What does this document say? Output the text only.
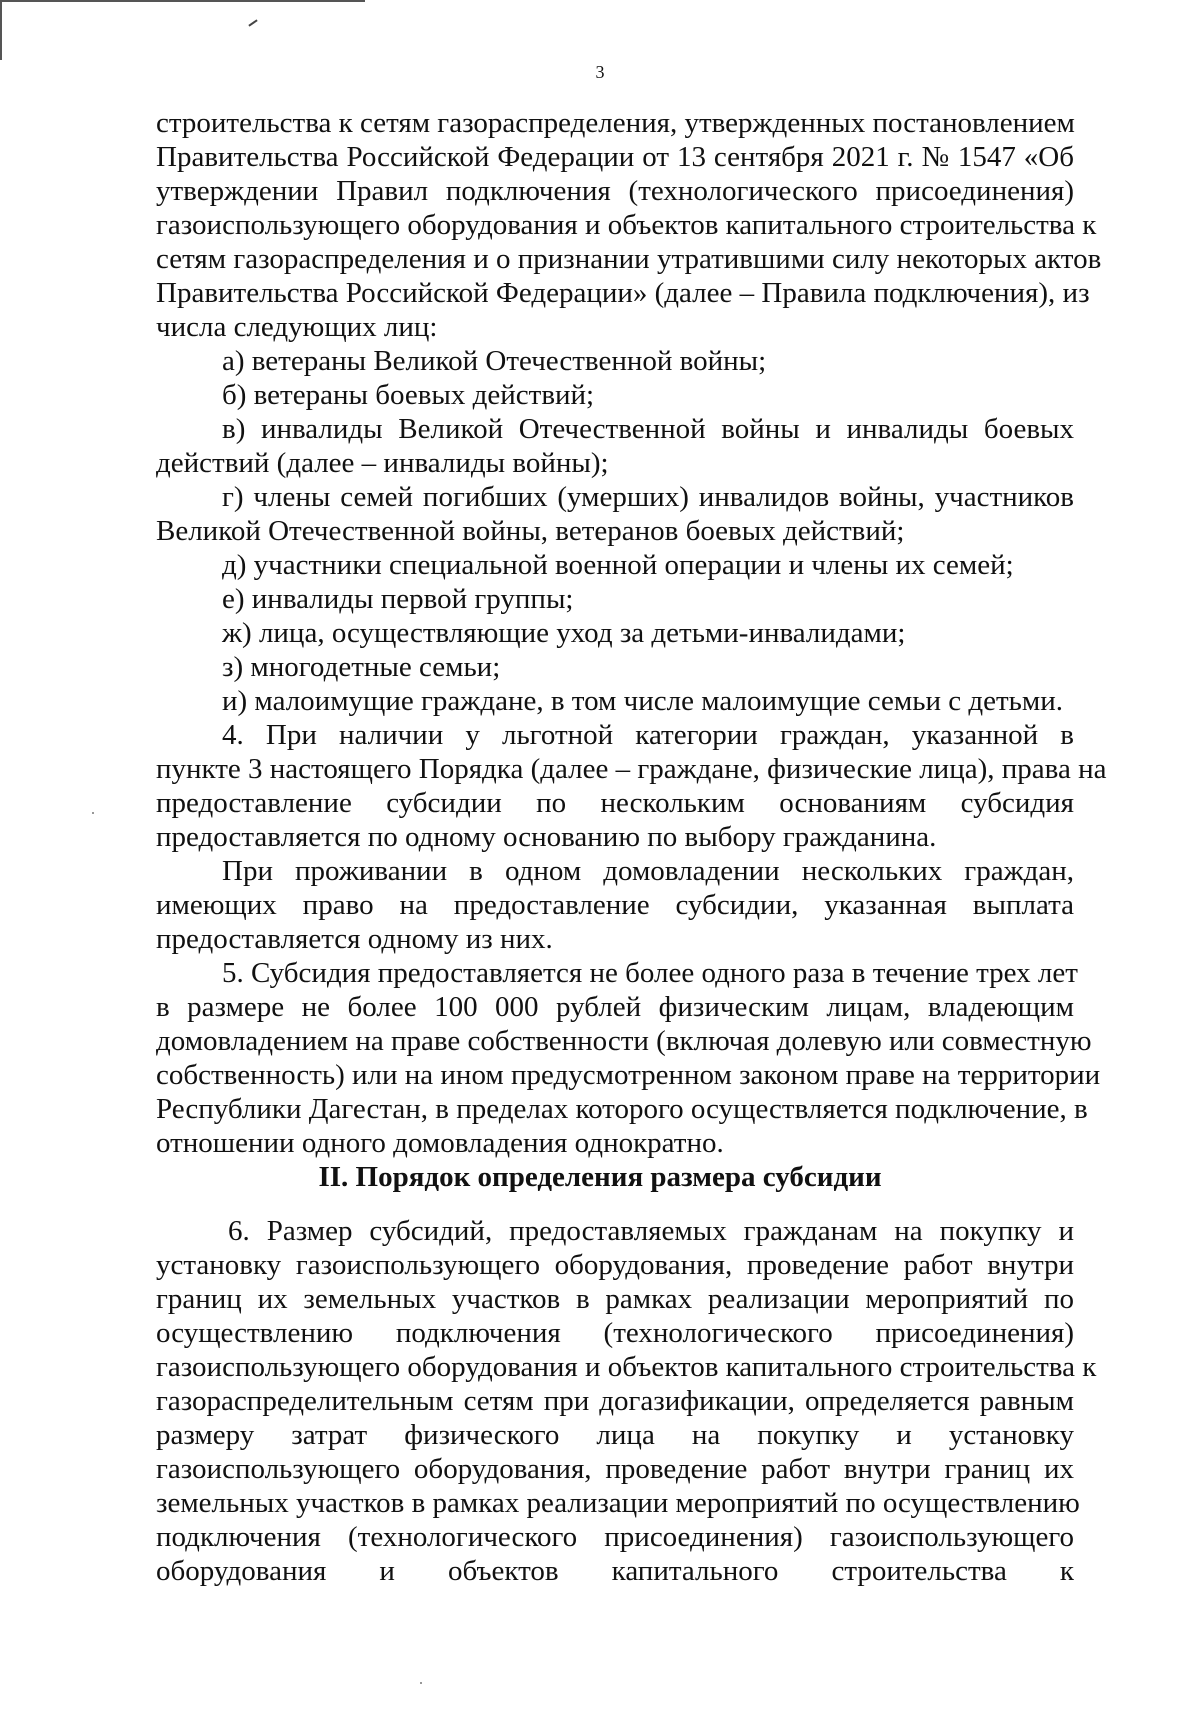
3
строительства к сетям газораспределения, утвержденных постановлением
Правительства Российской Федерации от 13 сентября 2021 г. № 1547 «Об
утверждении Правил подключения (технологического присоединения)
газоиспользующего оборудования и объектов капитального строительства к
сетям газораспределения и о признании утратившими силу некоторых актов
Правительства Российской Федерации» (далее – Правила подключения), из
числа следующих лиц:
а) ветераны Великой Отечественной войны;
б) ветераны боевых действий;
в) инвалиды Великой Отечественной войны и инвалиды боевых
действий (далее – инвалиды войны);
г) члены семей погибших (умерших) инвалидов войны, участников
Великой Отечественной войны, ветеранов боевых действий;
д) участники специальной военной операции и члены их семей;
е) инвалиды первой группы;
ж) лица, осуществляющие уход за детьми-инвалидами;
з) многодетные семьи;
и) малоимущие граждане, в том числе малоимущие семьи с детьми.
4. При наличии у льготной категории граждан, указанной в
пункте 3 настоящего Порядка (далее – граждане, физические лица), права на
предоставление субсидии по нескольким основаниям субсидия
предоставляется по одному основанию по выбору гражданина.
При проживании в одном домовладении нескольких граждан,
имеющих право на предоставление субсидии, указанная выплата
предоставляется одному из них.
5. Субсидия предоставляется не более одного раза в течение трех лет
в размере не более 100 000 рублей физическим лицам, владеющим
домовладением на праве собственности (включая долевую или совместную
собственность) или на ином предусмотренном законом праве на территории
Республики Дагестан, в пределах которого осуществляется подключение, в
отношении одного домовладения однократно.
II. Порядок определения размера субсидии
6. Размер субсидий, предоставляемых гражданам на покупку и
установку газоиспользующего оборудования, проведение работ внутри
границ их земельных участков в рамках реализации мероприятий по
осуществлению подключения (технологического присоединения)
газоиспользующего оборудования и объектов капитального строительства к
газораспределительным сетям при догазификации, определяется равным
размеру затрат физического лица на покупку и установку
газоиспользующего оборудования, проведение работ внутри границ их
земельных участков в рамках реализации мероприятий по осуществлению
подключения (технологического присоединения) газоиспользующего
оборудования и объектов капитального строительства к
